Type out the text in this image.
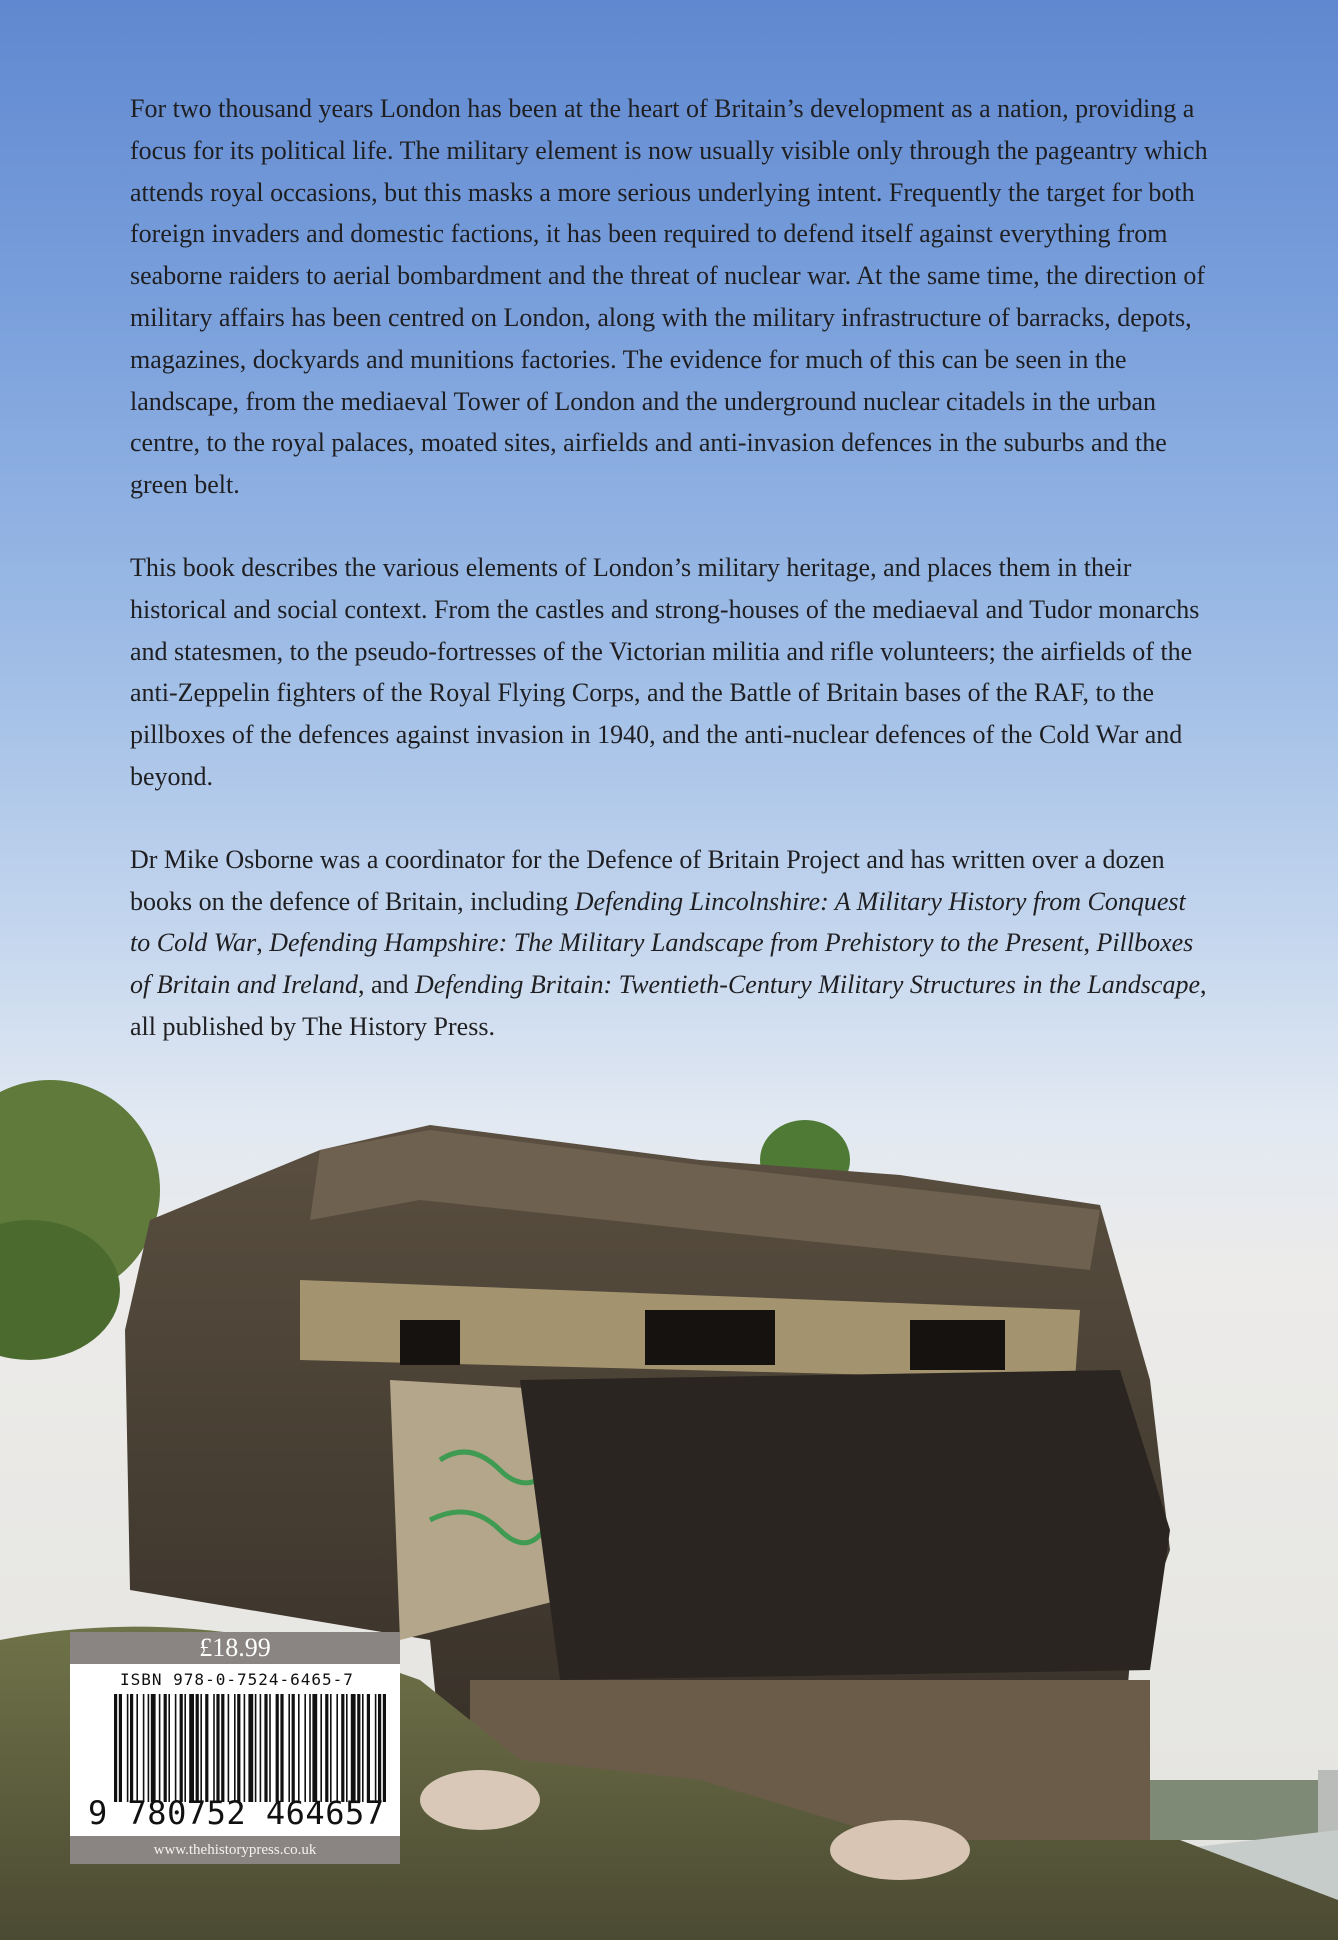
For two thousand years London has been at the heart of Britain’s development as a nation, providing a focus for its political life. The military element is now usually visible only through the pageantry which attends royal occasions, but this masks a more serious underlying intent. Frequently the target for both foreign invaders and domestic factions, it has been required to defend itself against everything from seaborne raiders to aerial bombardment and the threat of nuclear war. At the same time, the direction of military affairs has been centred on London, along with the military infrastructure of barracks, depots, magazines, dockyards and munitions factories. The evidence for much of this can be seen in the landscape, from the mediaeval Tower of London and the underground nuclear citadels in the urban centre, to the royal palaces, moated sites, airfields and anti-invasion defences in the suburbs and the green belt.

This book describes the various elements of London’s military heritage, and places them in their historical and social context. From the castles and strong-houses of the mediaeval and Tudor monarchs and statesmen, to the pseudo-fortresses of the Victorian militia and rifle volunteers; the airfields of the anti-Zeppelin fighters of the Royal Flying Corps, and the Battle of Britain bases of the RAF, to the pillboxes of the defences against invasion in 1940, and the anti-nuclear defences of the Cold War and beyond.

Dr Mike Osborne was a coordinator for the Defence of Britain Project and has written over a dozen books on the defence of Britain, including Defending Lincolnshire: A Military History from Conquest to Cold War, Defending Hampshire: The Military Landscape from Prehistory to the Present, Pillboxes of Britain and Ireland, and Defending Britain: Twentieth-Century Military Structures in the Landscape, all published by The History Press.

£18.99
ISBN 978-0-7524-6465-7
9 780752 464657
www.thehistorypress.co.uk
